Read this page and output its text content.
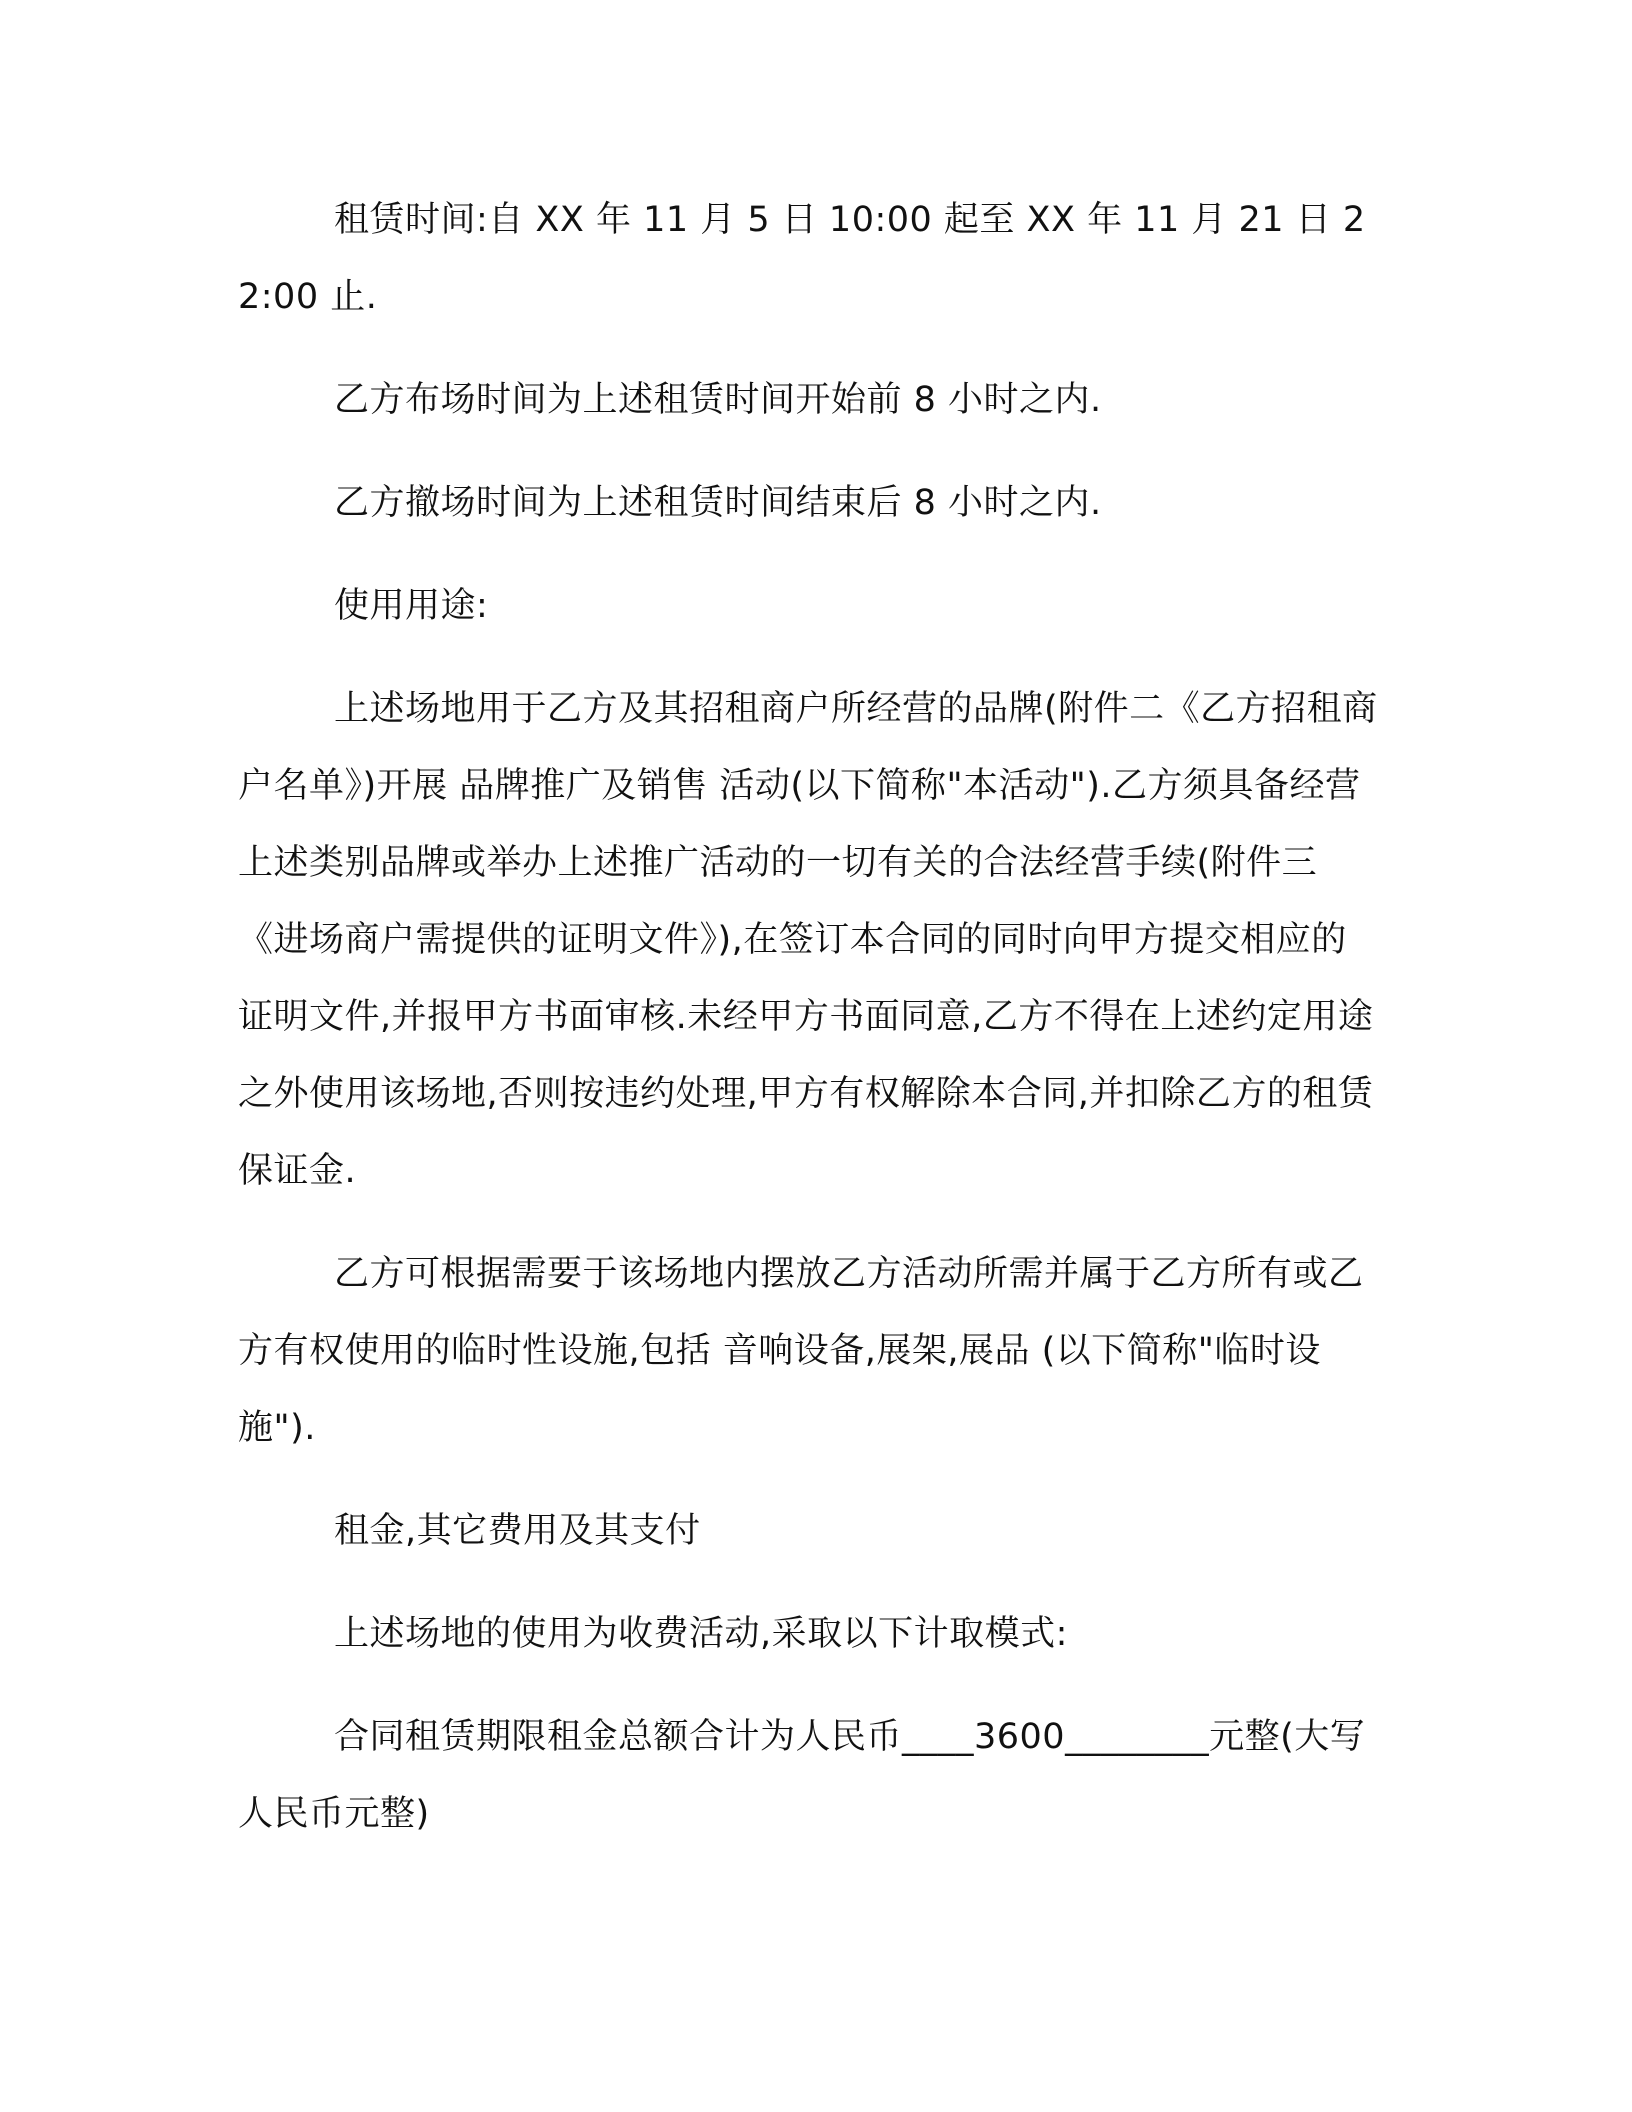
租赁时间:自 XX 年 11 月 5 日 10:00 起至 XX 年 11 月 21 日 22:00 止.

乙方布场时间为上述租赁时间开始前 8 小时之内.

乙方撤场时间为上述租赁时间结束后 8 小时之内.

使用用途:

上述场地用于乙方及其招租商户所经营的品牌(附件二《乙方招租商户名单》)开展 品牌推广及销售 活动(以下简称"本活动").乙方须具备经营上述类别品牌或举办上述推广活动的一切有关的合法经营手续(附件三《进场商户需提供的证明文件》),在签订本合同的同时向甲方提交相应的证明文件,并报甲方书面审核.未经甲方书面同意,乙方不得在上述约定用途之外使用该场地,否则按违约处理,甲方有权解除本合同,并扣除乙方的租赁保证金.

乙方可根据需要于该场地内摆放乙方活动所需并属于乙方所有或乙方有权使用的临时性设施,包括 音响设备,展架,展品 (以下简称"临时设施").

租金,其它费用及其支付

上述场地的使用为收费活动,采取以下计取模式:

合同租赁期限租金总额合计为人民币____3600________元整(大写人民币元整)
